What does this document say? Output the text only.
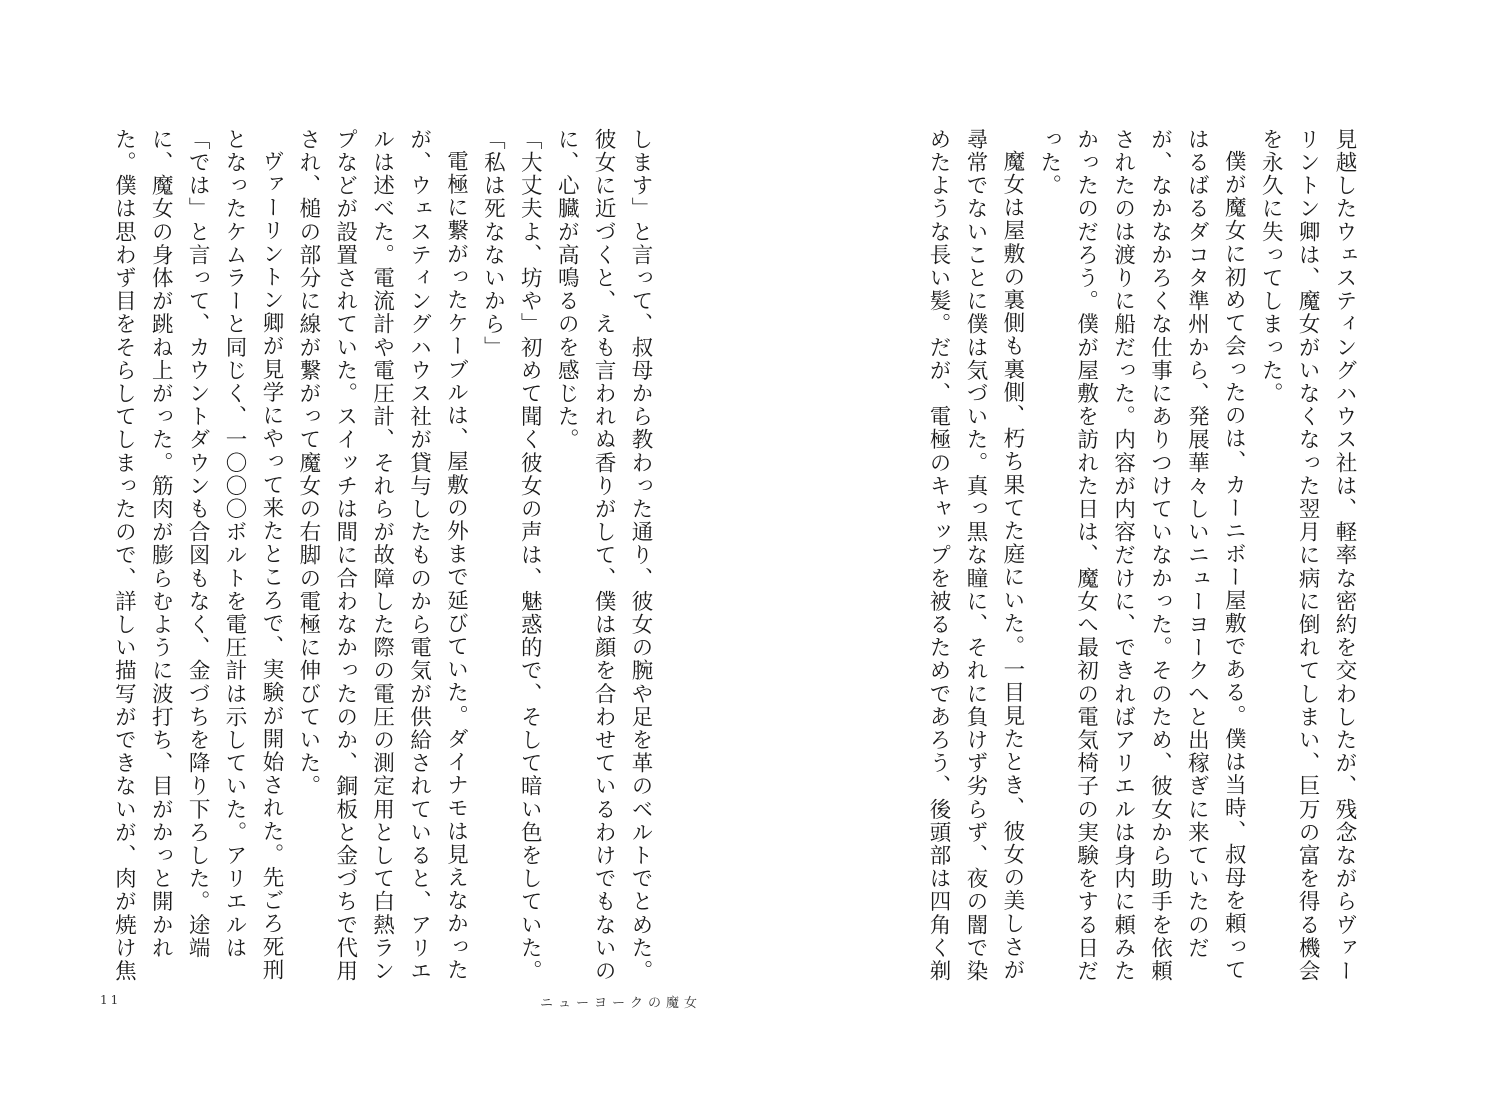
見越したウェスティングハウス社は、軽率な密約を交わしたが、残念ながらヴァーリントン卿は、魔女がいなくなった翌月に病に倒れてしまい、巨万の富を得る機会を永久に失ってしまった。
僕が魔女に初めて会ったのは、カーニボー屋敷である。僕は当時、叔母を頼ってはるばるダコタ準州から、発展華々しいニューヨークへと出稼ぎに来ていたのだが、なかなかろくな仕事にありつけていなかった。そのため、彼女から助手を依頼されたのは渡りに船だった。内容が内容だけに、できればアリエルは身内に頼みたかったのだろう。僕が屋敷を訪れた日は、魔女へ最初の電気椅子の実験をする日だった。
魔女は屋敷の裏側も裏側、朽ち果てた庭にいた。一目見たとき、彼女の美しさが尋常でないことに僕は気づいた。真っ黒な瞳に、それに負けず劣らず、夜の闇で染めたような長い髪。だが、電極のキャップを被るためであろう、後頭部は四角く剃
します」と言って、叔母から教わった通り、彼女の腕や足を革のベルトでとめた。彼女に近づくと、えも言われぬ香りがして、僕は顔を合わせているわけでもないのに、心臓が高鳴るのを感じた。
「大丈夫よ、坊や」初めて聞く彼女の声は、魅惑的で、そして暗い色をしていた。「私は死なないから」
電極に繋がったケーブルは、屋敷の外まで延びていた。ダイナモは見えなかったが、ウェスティングハウス社が貸与したものから電気が供給されていると、アリエルは述べた。電流計や電圧計、それらが故障した際の電圧の測定用として白熱ランプなどが設置されていた。スイッチは間に合わなかったのか、銅板と金づちで代用され、槌の部分に線が繋がって魔女の右脚の電極に伸びていた。
ヴァーリントン卿が見学にやって来たところで、実験が開始された。先ごろ死刑となったケムラーと同じく、一〇〇〇ボルトを電圧計は示していた。アリエルは「では」と言って、カウントダウンも合図もなく、金づちを降り下ろした。途端に、魔女の身体が跳ね上がった。筋肉が膨らむように波打ち、目がかっと開かれた。僕は思わず目をそらしてしまったので、詳しい描写ができないが、肉が焼け焦
11	ニューヨークの魔女
